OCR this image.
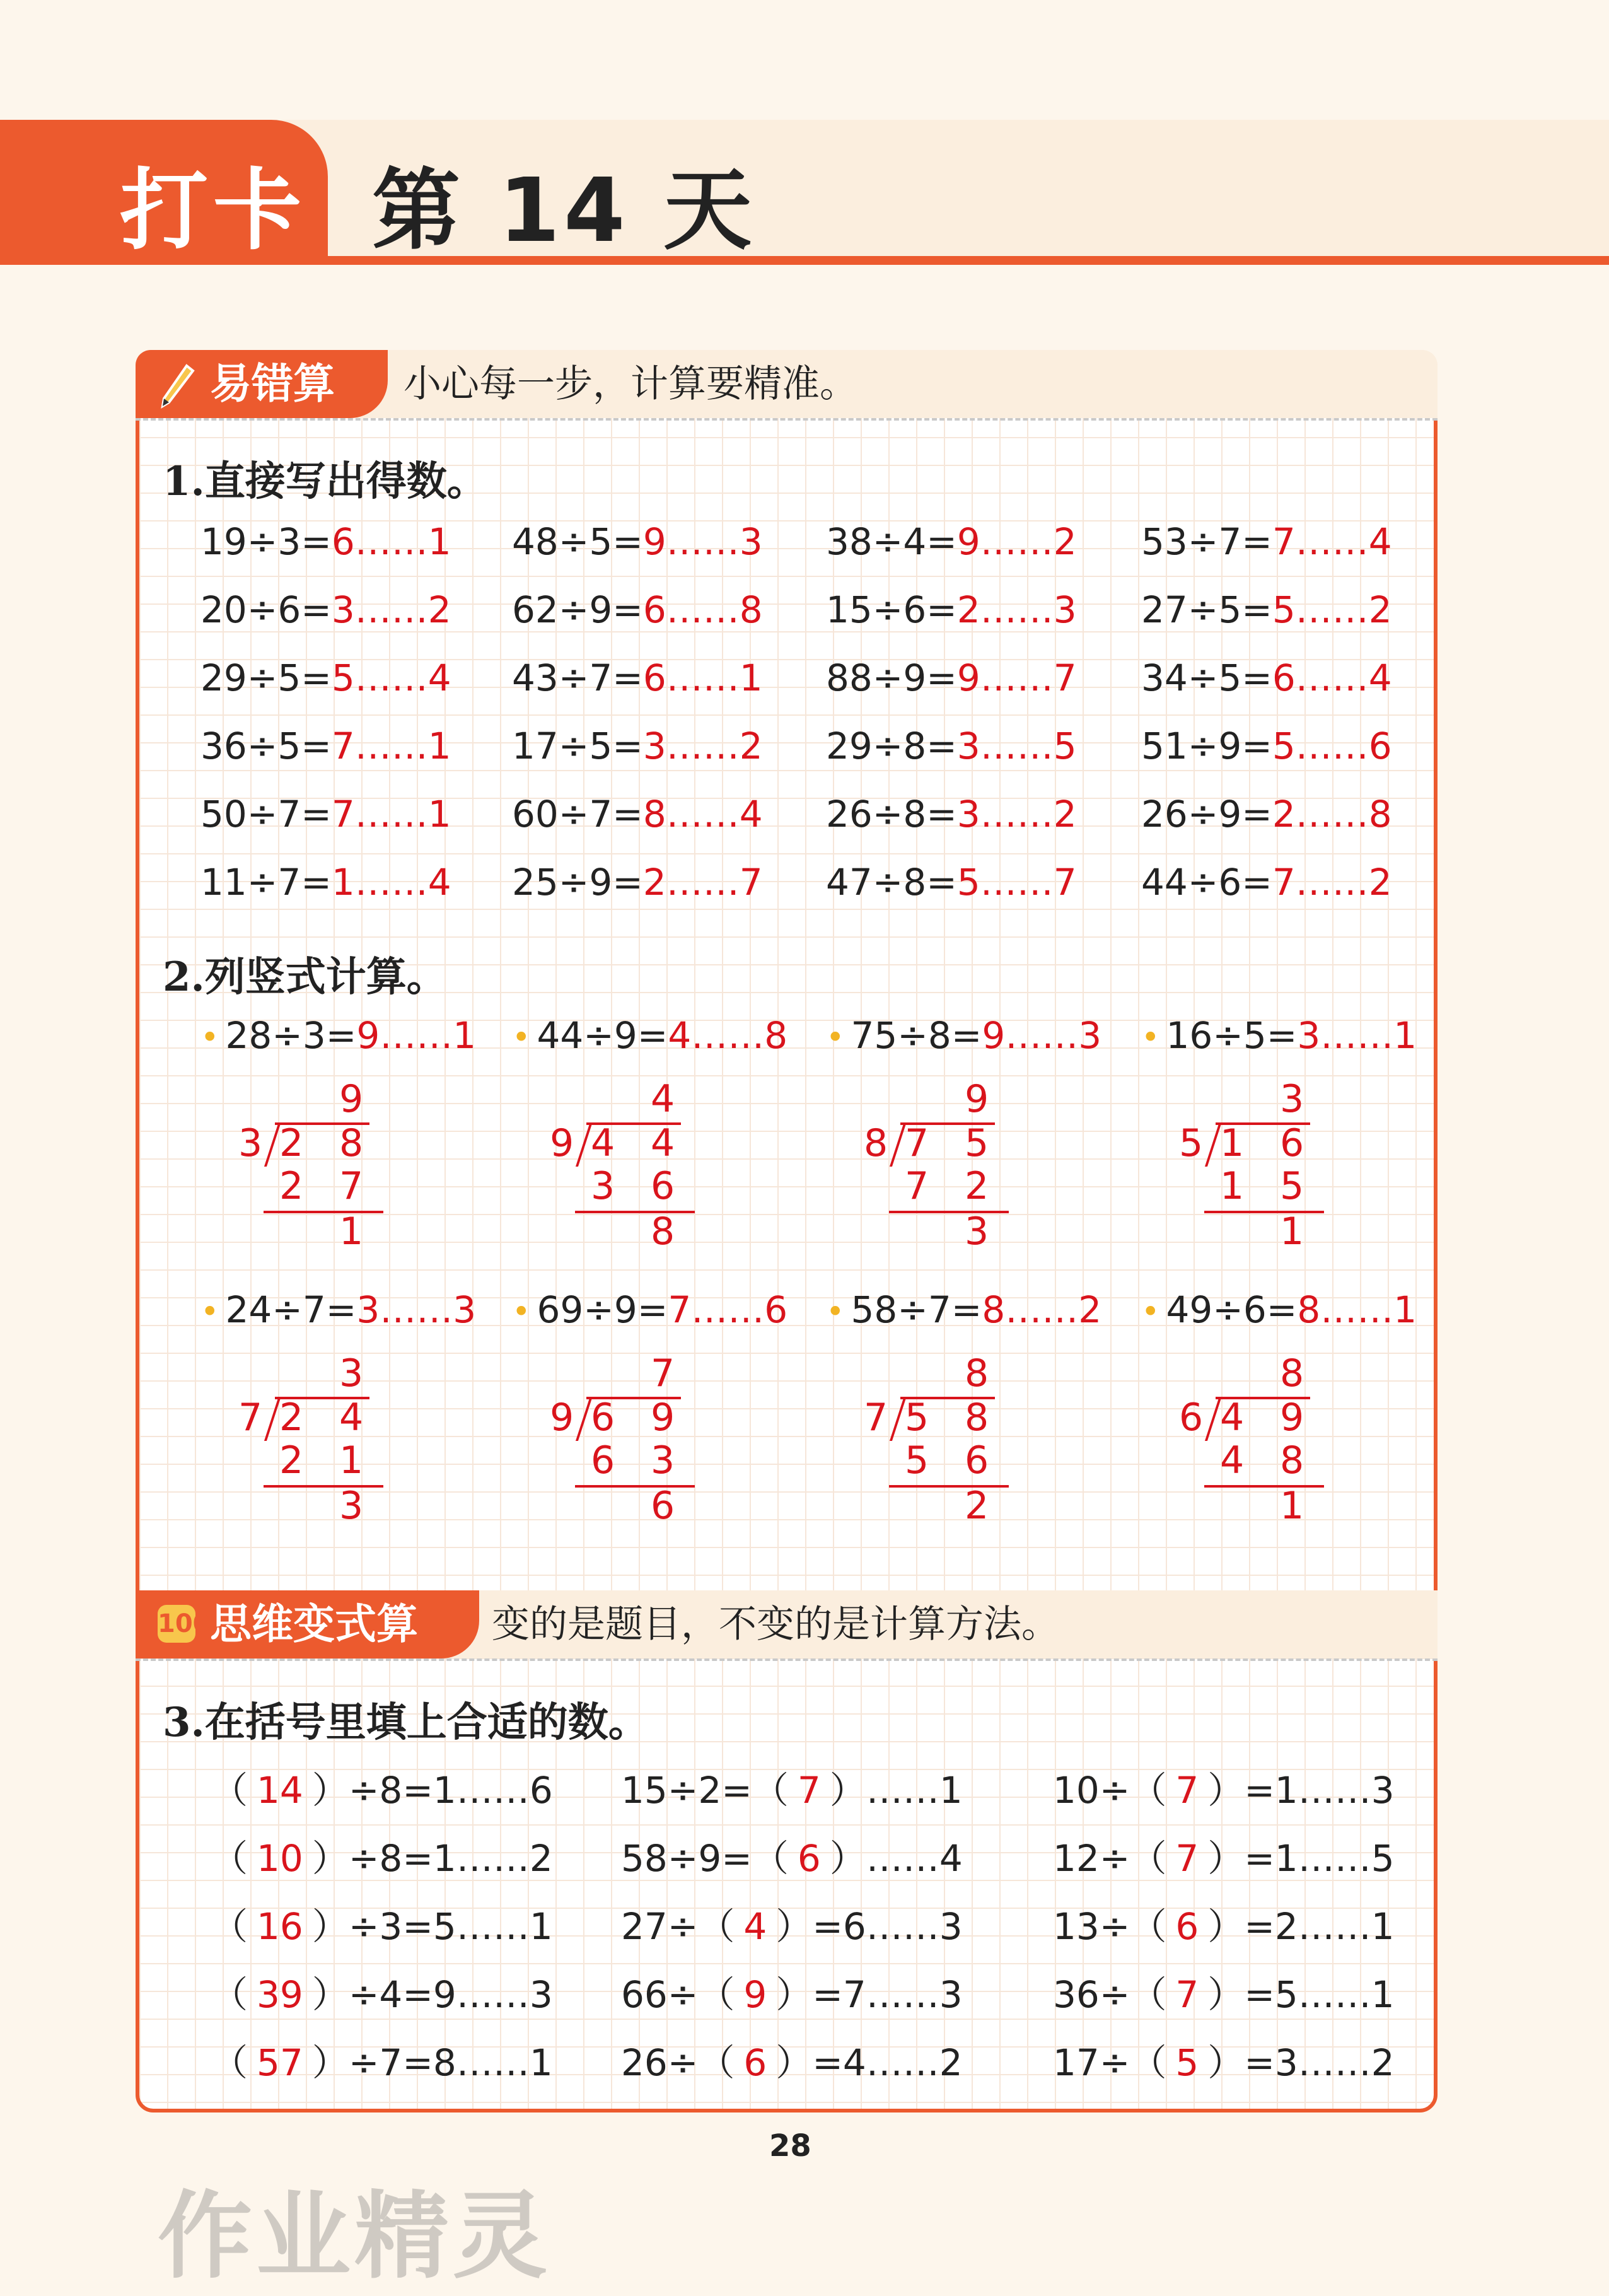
打卡 第 14 天
易错算	小心每一步，计算要精准。
1.直接写出得数。
19÷3=6……1 48÷5=9……3 38÷4=9……2 53÷7=7……4
20÷6=3……2 62÷9=6……8 15÷6=2……3 27÷5=5……2
29÷5=5……4 43÷7=6……1 88÷9=9……7 34÷5=6……4
36÷5=7……1 17÷5=3……2 29÷8=3……5 51÷9=5……6
50÷7=7……1 60÷7=8……4 26÷8=3……2 26÷9=2……8
11÷7=1……4 25÷9=2……7 47÷8=5……7 44÷6=7……2
2.列竖式计算。
• 28÷3=9……1
9
3 2 8
2 7
1
• 44÷9=4……8
4
9 4 4
3 6
8
• 75÷8=9……3
9
8 7 5
7 2
3
• 16÷5=3……1
3
5 1 6
1 5
1
• 24÷7=3……3
3
7 2 4
2 1
3
• 69÷9=7……6
7
9 6 9
6 3
6
• 58÷7=8……2
8
7 5 8
5 6
2
• 49÷6=8……1
8
6 4 9
4 8
1
思维变式算
100	变的是题目，不变的是计算方法。
3.在括号里填上合适的数。
（ 14 ）÷8=1……6 15÷2=（ 7 ）……1 10÷（ 7 ）=1……3
（ 10 ）÷8=1……2 58÷9=（ 6 ）……4 12÷（ 7 ）=1……5
（ 16 ）÷3=5……1 27÷（ 4 ）=6……3 13÷（ 6 ）=2……1
（ 39 ）÷4=9……3 66÷（ 9 ）=7……3 36÷（ 7 ）=5……1
（ 57 ）÷7=8……1 26÷（ 6 ）=4……2 17÷（ 5 ）=3……2
28
作业精灵
